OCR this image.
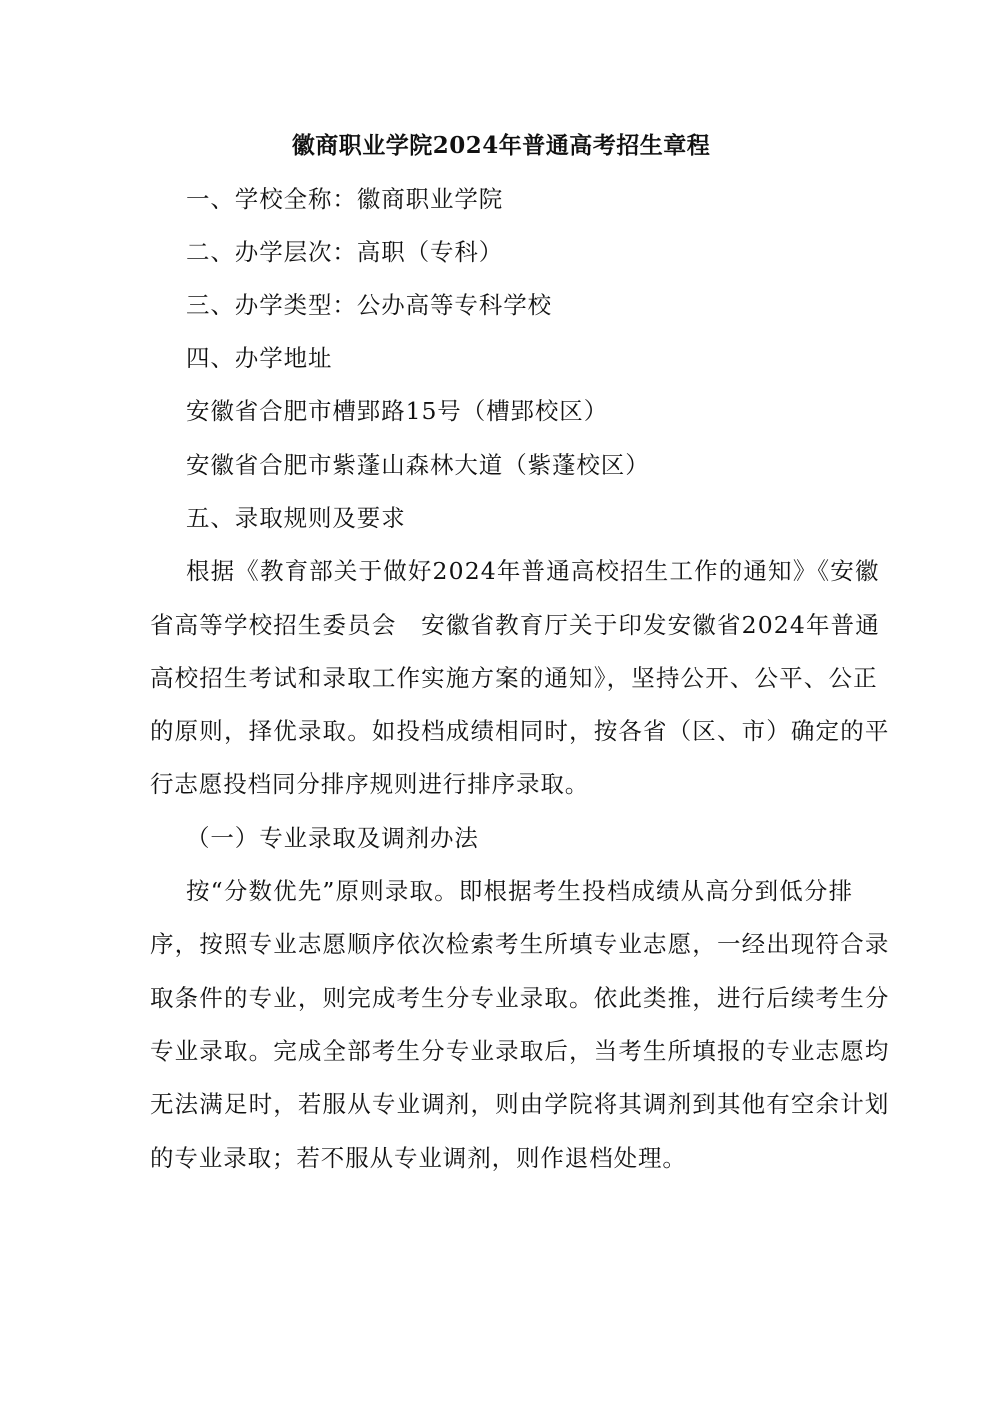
徽商职业学院2024年普通高考招生章程
一、学校全称：徽商职业学院
二、办学层次：高职（专科）
三、办学类型：公办高等专科学校
四、办学地址
安徽省合肥市槽郢路15号（槽郢校区）
安徽省合肥市紫蓬山森林大道（紫蓬校区）
五、录取规则及要求
根据《教育部关于做好2024年普通高校招生工作的通知》《安徽
省高等学校招生委员会　安徽省教育厅关于印发安徽省2024年普通
高校招生考试和录取工作实施方案的通知》，坚持公开、公平、公正
的原则，择优录取。如投档成绩相同时，按各省（区、市）确定的平
行志愿投档同分排序规则进行排序录取。
（一）专业录取及调剂办法
按“分数优先”原则录取。即根据考生投档成绩从高分到低分排
序，按照专业志愿顺序依次检索考生所填专业志愿，一经出现符合录
取条件的专业，则完成考生分专业录取。依此类推，进行后续考生分
专业录取。完成全部考生分专业录取后，当考生所填报的专业志愿均
无法满足时，若服从专业调剂，则由学院将其调剂到其他有空余计划
的专业录取；若不服从专业调剂，则作退档处理。
